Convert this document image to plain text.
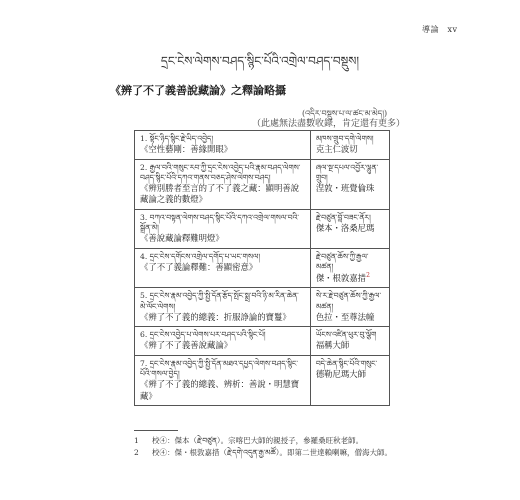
導論　xv
དྲང་ངེས་ལེགས་བཤད་སྙིང་པོའི་འགྲེལ་བཤད་བསྡུས།
《辨了不了義善說藏論》之釋論略攝
(འདིར་བསྡུས་པ་ལ་ཚང་མ་མེད།)
（此處無法盡數收錄，肯定還有更多）
1. སྟོང་ཉིད་སྙིང་རྗེ་ཡིད་འབྱེད།
《空性藝剛：善緣開眼》	མཁས་གྲུབ་དགེ་ལེགས།
克主仁波切

2. རྒྱལ་བའི་གསུང་རབ་ཀྱི་དྲང་ངེས་འབྱེད་པའི་རྣམ་བཤད་ལེགས་བཤད་སྙིང་པོའི་དཀའ་གནས་བཅད་ཤེས་ལེགས་བཤད།
《辨別勝者至言的了不了義之藏：顯明善說藏論之義的數燈》	ཞལ་སྔ་དཔལ་འབྱོར་ལྷུན་གྲུབ།
涅敦・班覺倫珠

3. བཀའ་བསྟན་ལེགས་བཤད་སྙིང་པོའི་དཀའ་འགྲེལ་གསལ་བའི་སྒྲོན་མེ།
《善說藏論釋難明燈》	རྗེ་བཙུན་བློ་བཟང་ནོར།
傑本・洛桑尼瑪

4. དྲང་ངེས་དགོངས་འགྲེལ་དགོད་པ་ཡང་གསལ།
《了不了義論釋難：善顯密意》	རྗེ་བཙུན་ཆོས་ཀྱི་རྒྱལ་མཚན།
傑・根敦嘉措$^2$

5. དྲང་ངེས་རྣམ་འབྱེད་ཀྱི་སྤྱི་དོན་རྩོད་སྤོང་སྨྲ་བའི་ཉི་མ་རིན་ཆེན་མེ་ལོང་ལེགས།
《辨了不了義的總義：折服諍論的寶鬘》	སེ་ར་རྗེ་བཙུན་ཆོས་ཀྱི་རྒྱལ་མཚན།
色拉・至尊法幢

6. དྲང་ངེས་འབྱེད་པ་ལེགས་པར་བཤད་པའི་སྙིང་པོ།
《辨了不了義善說藏論》	ཡོངས་འཛིན་ཕུར་བུ་ལྕོག
福稱大師

7. དྲང་ངེས་རྣམ་འབྱེད་ཀྱི་སྤྱི་དོན་མཐའ་དཔྱད་ལེགས་བཤད་སྙིང་པོའི་གསལ་བྱེད།
《辨了不了義的總義、辨析：善說・明慧寶藏》	བདེ་ཆེན་སྙིང་པོའི་གསུང་
德勒尼瑪大師
1 校④：傑本（རྗེ་བཙུན）。宗喀巴大師的親授子，參羅桑旺秋老師。
2 校④：傑・根敦嘉措（རྗེ་དགེ་འདུན་རྒྱ་མཚོ）。即第二世達賴喇嘛，僧海大師。
